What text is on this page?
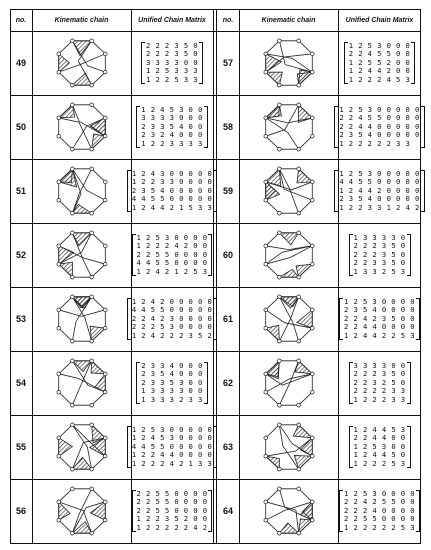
no.	Kinematic chain	Unified Chain Matrix no.	Kinematic chain	Unified Chain Matrix
49
2 2 2 3 5 0
2 2 2 3 5 0
3 3 3 3 0 0
1 2 5 3 3 3
1 2 2 5 3 3
57
1 2 5 3 0 0 0
2 2 4 5 5 0 0
1 2 5 5 2 0 0
1 2 4 4 2 0 0
1 2 2 2 4 5 3
50
1 2 4 5 3 0 0
3 3 3 3 0 0 0
2 3 3 5 4 0 0
2 3 2 4 0 0 0
1 2 2 3 3 3 3
58
1 2 5 3 0 0 0 0 0
2 2 4 5 5 0 0 0 0
2 2 4 4 0 0 0 0 0
2 3 5 4 0 0 0 0 0
1 2 2 2 2 2 3 3
51
1 2 4 3 0 0 0 0 0
1 2 2 3 3 0 0 0 0
2 3 5 4 0 0 0 0 0
4 4 5 5 0 0 0 0 0
1 2 4 4 2 1 5 3 3
59
1 2 5 3 0 0 0 0 0
4 4 5 5 0 0 0 0 0
1 2 4 4 2 0 0 0 0
2 3 5 4 0 0 0 0 0
1 2 2 3 3 1 2 4 2
52
1 2 5 3 0 0 0 0
1 2 2 2 4 2 0 0
2 2 5 5 0 0 0 0
4 4 5 5 0 0 0 0
1 2 4 2 1 2 5 3
60
1 3 3 3 3 0
2 2 2 3 5 0
2 2 2 3 5 0
2 2 3 3 5 0
1 3 3 2 5 3
53
1 2 4 2 0 0 0 0 0
4 4 5 5 0 0 0 0 0
2 2 4 2 3 0 0 0 0
2 2 2 5 3 0 0 0 0
1 2 4 2 2 2 3 5 2
61
1 2 5 3 0 0 0 0
2 3 5 4 0 0 0 0
2 2 4 2 3 5 0 0
2 2 4 4 0 0 0 0
1 2 4 4 2 2 5 3
54
2 3 3 4 0 0 0
2 3 5 4 0 0 0
2 3 3 5 3 0 0
1 3 3 3 3 0 0
1 3 3 3 2 3 3
62
3 3 3 3 0 0
2 2 2 3 5 0
2 2 3 2 5 0
2 2 2 2 3 3
1 2 2 2 3 3
55
1 2 5 3 0 0 0 0 0
1 2 4 5 3 0 0 0 0
4 4 5 5 0 0 0 0 0
1 2 2 4 4 0 0 0 0
1 2 2 2 4 2 1 3 3
63
1 2 4 4 5 3
2 2 4 4 0 0
1 2 5 3 0 0
1 2 4 4 5 0
1 2 2 2 5 3
56
2 2 5 5 0 0 0 0
2 2 5 5 0 0 0 0
2 2 5 5 0 0 0 0
1 2 2 3 5 2 0 0
1 2 2 2 2 2 4 2
64
1 2 5 3 0 0 0 0
2 2 4 2 5 5 0 0
2 2 2 4 0 0 0 0
2 2 5 5 0 0 0 0
1 2 2 2 2 2 5 3
